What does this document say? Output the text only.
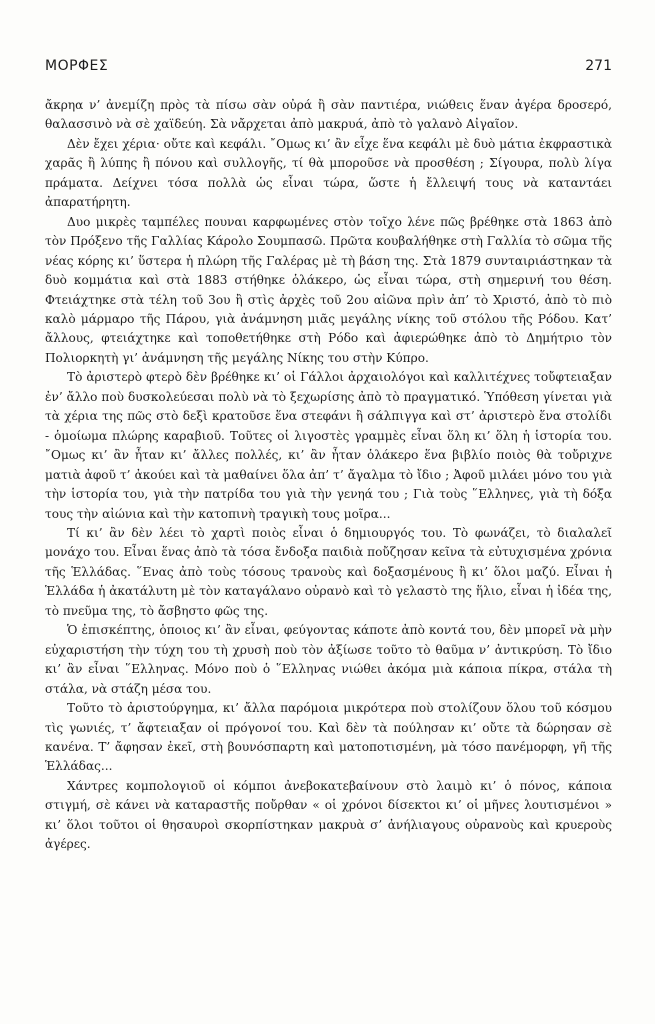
ΜΟΡΦΕΣ	271

ἄκρηα ν’ ἀνεμίζη πρὸς τὰ πίσω σὰν οὐρά ἢ σὰν παντιέρα, νιώθεις ἕναν ἀγέρα δροσερό, θαλασσινὸ νὰ σὲ χαϊδεύη. Σὰ νἄρχεται ἀπὸ μακρυά, ἀπὸ τὸ γαλανὸ Αἰγαῖον.

Δὲν ἔχει χέρια· οὔτε καὶ κεφάλι. ῎Ομως κι’ ἂν εἶχε ἕνα κεφάλι μὲ δυὸ μάτια ἐκφραστικὰ χαρᾶς ἢ λύπης ἢ πόνου καὶ συλλογῆς, τί θὰ μποροῦσε νὰ προσθέση ; Σίγουρα, πολὺ λίγα πράματα. Δείχνει τόσα πολλὰ ὡς εἶναι τώρα, ὥστε ἡ ἔλλειψή τους νὰ καταντάει ἀπαρατήρητη.

Δυο μικρὲς ταμπέλες πουναι καρφωμένες στὸν τοῖχο λένε πῶς βρέθηκε στὰ 1863 ἀπὸ τὸν Πρόξενο τῆς Γαλλίας Κάρολο Σουμπασῶ. Πρῶτα κουβαλήθηκε στὴ Γαλλία τὸ σῶμα τῆς νέας κόρης κι’ ὕστερα ἡ πλώρη τῆς Γαλέρας μὲ τὴ βάση της. Στὰ 1879 συνταιριάστηκαν τὰ δυὸ κομμάτια καὶ στὰ 1883 στήθηκε ὁλάκερο, ὡς εἶναι τώρα, στὴ σημερινή του θέση. Φτειάχτηκε στὰ τέλη τοῦ 3ου ἢ στὶς ἀρχὲς τοῦ 2ου αἰῶνα πρὶν ἀπ’ τὸ Χριστό, ἀπὸ τὸ πιὸ καλὸ μάρμαρο τῆς Πάρου, γιὰ ἀνάμνηση μιᾶς μεγάλης νίκης τοῦ στόλου τῆς Ρόδου. Κατ’ ἄλλους, φτειάχτηκε καὶ τοποθετήθηκε στὴ Ρόδο καὶ ἀφιερώθηκε ἀπὸ τὸ Δημήτριο τὸν Πολιορκητὴ γι’ ἀνάμνηση τῆς μεγάλης Νίκης του στὴν Κύπρο.

Τὸ ἀριστερὸ φτερὸ δὲν βρέθηκε κι’ οἱ Γάλλοι ἀρχαιολόγοι καὶ καλλιτέχνες τοὔφτειαξαν ἐν’ ἄλλο ποὺ δυσκολεύεσαι πολὺ νὰ τὸ ξεχωρίσης ἀπὸ τὸ πραγματικό. Ὑπόθεση γίνεται γιὰ τὰ χέρια της πῶς στὸ δεξὶ κρατοῦσε ἕνα στεφάνι ἢ σάλπιγγα καὶ στ’ ἀριστερὸ ἕνα στολίδι - ὁμοίωμα πλώρης καραβιοῦ. Τοῦτες οἱ λιγοστὲς γραμμὲς εἶναι ὅλη κι’ ὅλη ἡ ἱστορία του. ῎Ομως κι’ ἂν ἦταν κι’ ἄλλες πολλές, κι’ ἂν ἦταν ὁλάκερο ἕνα βιβλίο ποιὸς θὰ τοὔριχνε ματιὰ ἀφοῦ τ’ ἀκούει καὶ τὰ μαθαίνει ὅλα ἀπ’ τ’ ἄγαλμα τὸ ἴδιο ; Ἀφοῦ μιλάει μόνο του γιὰ τὴν ἱστορία του, γιὰ τὴν πατρίδα του γιὰ τὴν γενηά του ; Γιὰ τοὺς ῞Ελληνες, γιὰ τὴ δόξα τους τὴν αἰώνια καὶ τὴν κατοπινὴ τραγικὴ τους μοῖρα...

Τί κι’ ἂν δὲν λέει τὸ χαρτὶ ποιὸς εἶναι ὁ δημιουργός του. Τὸ φωνάζει, τὸ διαλαλεῖ μονάχο του. Εἶναι ἕνας ἀπὸ τὰ τόσα ἔνδοξα παιδιὰ ποὔζησαν κεῖνα τὰ εὐτυχισμένα χρόνια τῆς Ἑλλάδας. ῞Ενας ἀπὸ τοὺς τόσους τρανοὺς καὶ δοξασμένους ἢ κι’ ὅλοι μαζύ. Εἶναι ἡ Ἑλλάδα ἡ ἀκατάλυτη μὲ τὸν καταγάλανο οὐρανὸ καὶ τὸ γελαστὸ της ἥλιο, εἶναι ἡ ἰδέα της, τὸ πνεῦμα της, τὸ ἄσβηστο φῶς της.

Ὁ ἐπισκέπτης, ὁποιος κι’ ἂν εἶναι, φεύγοντας κάποτε ἀπὸ κοντά του, δὲν μπορεῖ νὰ μὴν εὐχαριστήση τὴν τύχη του τὴ χρυσὴ ποὺ τὸν ἀξίωσε τοῦτο τὸ θαῦμα ν’ ἀντικρύση. Τὸ ἴδιο κι’ ἂν εἶναι ῞Ελληνας. Μόνο ποὺ ὁ ῞Ελληνας νιώθει ἀκόμα μιὰ κάποια πίκρα, στάλα τὴ στάλα, νὰ στάζη μέσα του.

Τοῦτο τὸ ἀριστούργημα, κι’ ἄλλα παρόμοια μικρότερα ποὺ στολίζουν ὅλου τοῦ κόσμου τὶς γωνιές, τ’ ἄφτειαξαν οἱ πρόγονοί του. Καὶ δὲν τὰ πούλησαν κι’ οὔτε τὰ δώρησαν σὲ κανένα. Τ’ ἄφησαν ἐκεῖ, στὴ βουνόσπαρτη καὶ ματοποτισμένη, μὰ τόσο πανέμορφη, γῆ τῆς Ἑλλάδας...

Χάντρες κομπολογιοῦ οἱ κόμποι ἀνεβοκατεβαίνουν στὸ λαιμὸ κι’ ὁ πόνος, κάποια στιγμή, σὲ κάνει νὰ καταραστῆς ποὔρθαν « οἱ χρόνοι δίσεκτοι κι’ οἱ μῆνες λουτισμένοι » κι’ ὅλοι τοῦτοι οἱ θησαυροὶ σκορπίστηκαν μακρυὰ σ’ ἀνήλιαγους οὐρανοὺς καὶ κρυεροὺς ἀγέρες.
